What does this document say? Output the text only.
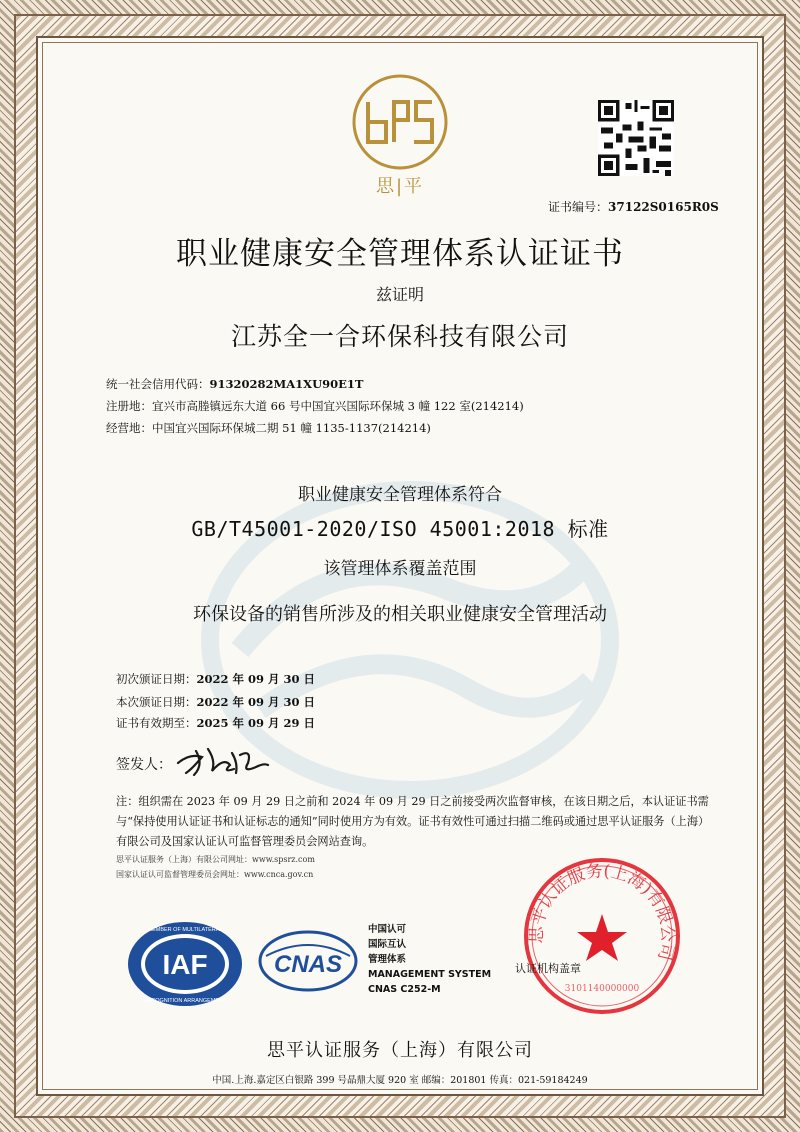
思|平
证书编号：37122S0165R0S
职业健康安全管理体系认证证书
兹证明
江苏全一合环保科技有限公司
统一社会信用代码：91320282MA1XU90E1T
注册地：宜兴市高塍镇远东大道 66 号中国宜兴国际环保城 3 幢 122 室(214214)
经营地：中国宜兴国际环保城二期 51 幢 1135-1137(214214)
职业健康安全管理体系符合
GB/T45001-2020/ISO 45001:2018 标准
该管理体系覆盖范围
环保设备的销售所涉及的相关职业健康安全管理活动
初次颁证日期：2022 年 09 月 30 日
本次颁证日期：2022 年 09 月 30 日
证书有效期至：2025 年 09 月 29 日
签发人：
注：组织需在 2023 年 09 月 29 日之前和 2024 年 09 月 29 日之前接受两次监督审核，在该日期之后，本认证证书需与“保持使用认证证书和认证标志的通知”同时使用方为有效。证书有效性可通过扫描二维码或通过思平认证服务（上海）有限公司及国家认证认可监督管理委员会网站查询。
思平认证服务（上海）有限公司网址：www.spsrz.com
国家认证认可监督管理委员会网址：www.cnca.gov.cn
IAF
MEMBER OF MULTILATERAL
RECOGNITION ARRANGEMENT
CNAS
中国认可
国际互认
管理体系
MANAGEMENT SYSTEM
CNAS C252-M
思平认证服务(上海)有限公司
3101140000000
认证机构盖章
思平认证服务（上海）有限公司
中国.上海.嘉定区白银路 399 号晶鼎大厦 920 室 邮编：201801 传真：021-59184249
